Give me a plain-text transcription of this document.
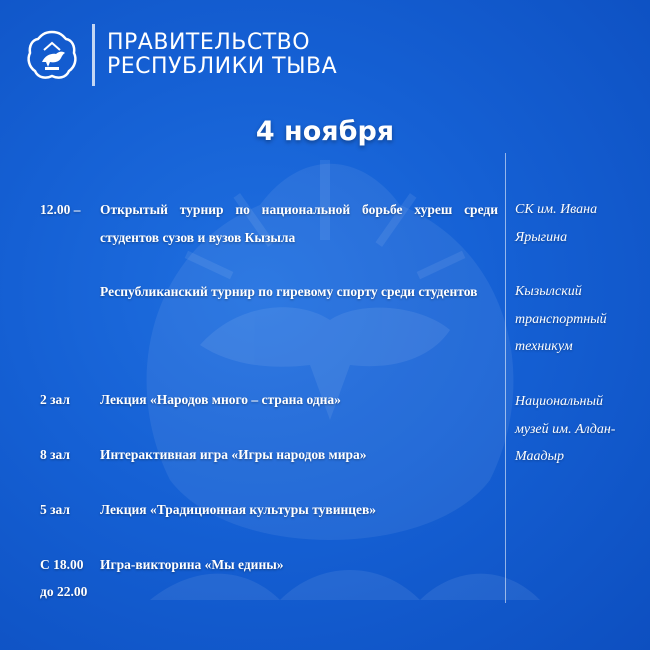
ПРАВИТЕЛЬСТВО
РЕСПУБЛИКИ ТЫВА
4 ноября
12.00 –
2 зал
8 зал
5 зал
С 18.00
до 22.00
Открытый турнир по национальной борьбе хуреш среди студентов сузов и вузов Кызыла
Республиканский турнир по гиревому спорту среди студентов
Лекция «Народов много – страна одна»
Интерактивная игра «Игры народов мира»
Лекция «Традиционная культуры тувинцев»
Игра-викторина «Мы едины»
СК им. Ивана
Ярыгина
Кызылский
транспортный
техникум
Национальный
музей им. Алдан-
Маадыр
